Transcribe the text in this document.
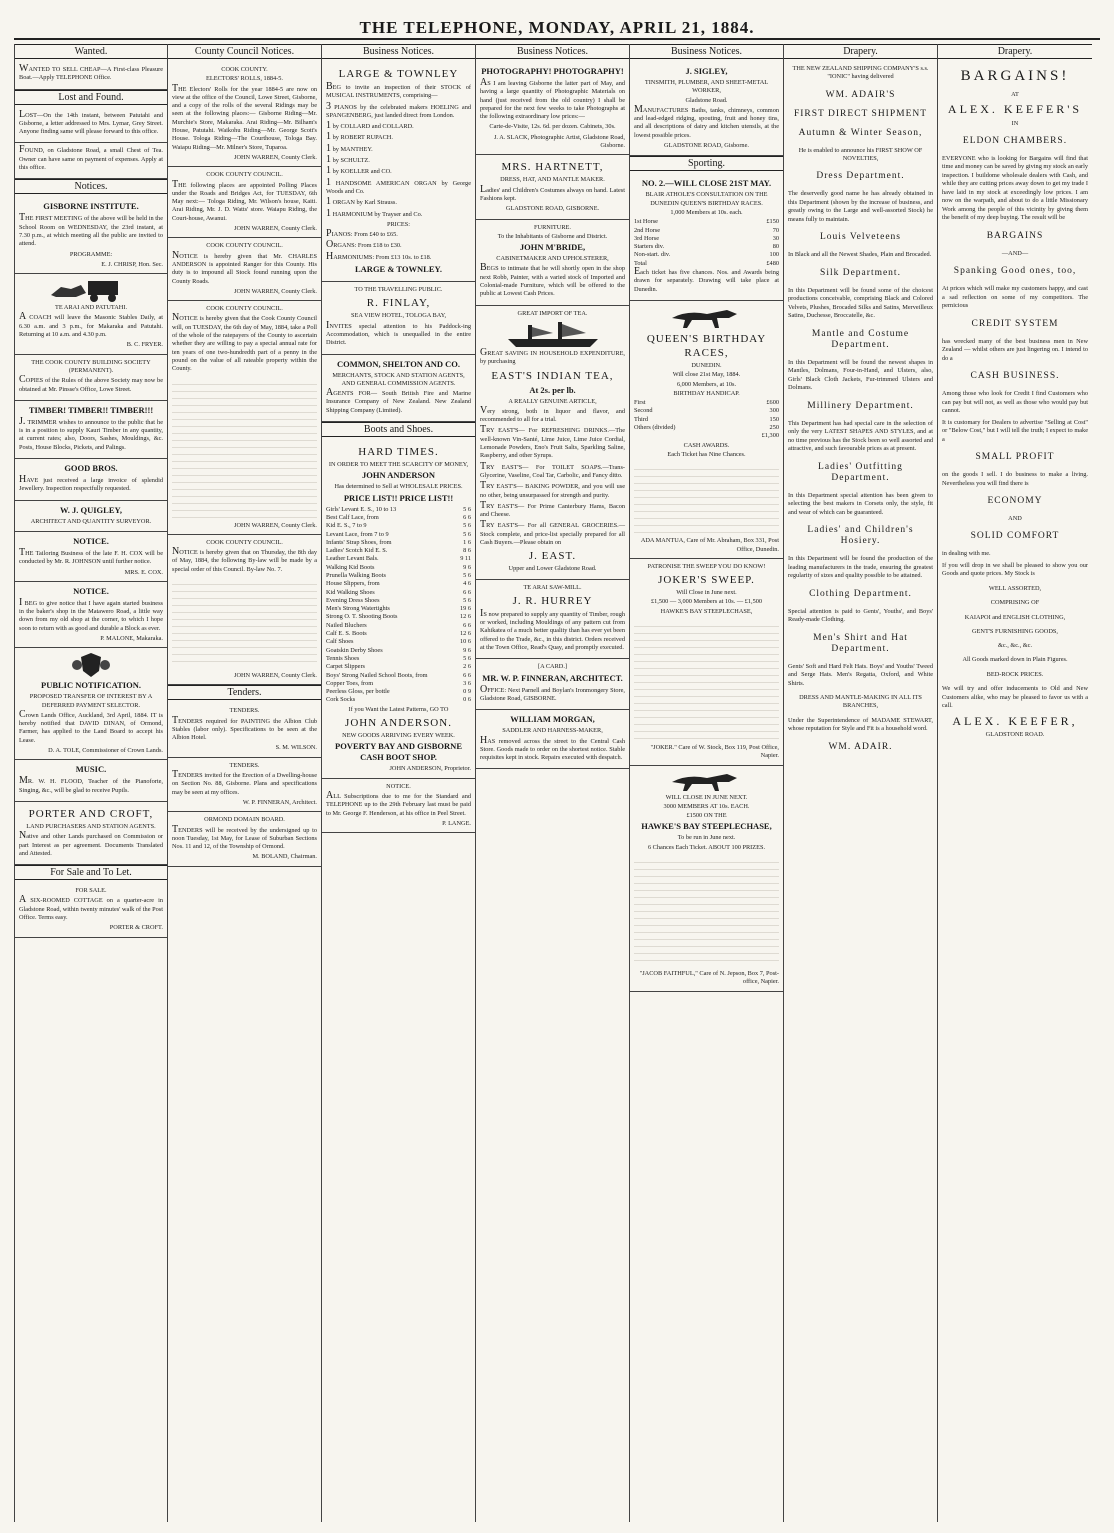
THE TELEPHONE, MONDAY, APRIL 21, 1884.
Wanted.

WANTED TO SELL CHEAP—A First-class Pleasure Boat.—Apply TELEPHONE Office.

Lost and Found.

LOST—On the 14th instant, between Patutahi and Gisborne, a letter addressed to Mrs. Lymar, Grey Street. Anyone finding same will please forward to this office.

FOUND, on Gladstone Road, a small Chest of Tea. Owner can have same on payment of expenses. Apply at this office.

Notices.
GISBORNE INSTITUTE.

THE FIRST MEETING of the above will be held in the School Room on WEDNESDAY, the 23rd instant, at 7.30 p.m., at which meeting all the public are invited to attend.

PROGRAMME:
E. J. CHRISP, Hon. Sec.
TE ARAI AND PATUTAHI.

A COACH will leave the Masonic Stables Daily, at 6.30 a.m. and 3 p.m., for Makaraka and Patutahi. Returning at 10 a.m. and 4.30 p.m.

B. C. FRYER.
THE COOK COUNTY BUILDING SOCIETY (PERMANENT).

COPIES of the Rules of the above Society may now be obtained at Mr. Pinsse's Office, Lowe Street.

TIMBER! TIMBER!! TIMBER!!!

J. TRIMMER wishes to announce to the public that he is in a position to supply Kauri Timber in any quantity, at current rates; also, Doors, Sashes, Mouldings, &c. Posts, House Blocks, Pickets, and Palings.

GOOD BROS.

HAVE just received a large invoice of splendid Jewellery. Inspection respectfully requested.

W. J. QUIGLEY,
ARCHITECT AND QUANTITY SURVEYOR.
NOTICE.

THE Tailoring Business of the late F. H. COX will be conducted by Mr. R. JOHNSON until further notice.

MRS. E. COX.
NOTICE.

I BEG to give notice that I have again started business in the baker's shop in the Matawero Road, a little way down from my old shop at the corner, to which I hope soon to return with as good and durable a Block as ever.

P. MALONE, Makaraka.
PUBLIC NOTIFICATION.
PROPOSED TRANSFER OF INTEREST BY A DEFERRED PAYMENT SELECTOR.

Crown Lands Office, Auckland, 3rd April, 1884. IT is hereby notified that DAVID DINAN, of Ormond, Farmer, has applied to the Land Board to accept his Lease.

D. A. TOLE, Commissioner of Crown Lands.
MUSIC.

MR. W. H. FLOOD, Teacher of the Pianoforte, Singing, &c., will be glad to receive Pupils.

PORTER AND CROFT,
LAND PURCHASERS AND STATION AGENTS.

Native and other Lands purchased on Commission or part Interest as per agreement. Documents Translated and Attested.

For Sale and To Let.
FOR SALE.

A SIX-ROOMED COTTAGE on a quarter-acre in Gladstone Road, within twenty minutes' walk of the Post Office. Terms easy.

PORTER & CROFT.
County Council Notices.
COOK COUNTY.
ELECTORS' ROLLS, 1884-5.

THE Electors' Rolls for the year 1884-5 are now on view at the office of the Council, Lowe Street, Gisborne, and a copy of the rolls of the several Ridings may be seen at the following places:— Gisborne Riding—Mr. Murchie's Store, Makaraka. Arai Riding—Mr. Bilham's House, Patutahi. Waikohu Riding—Mr. George Scott's House. Tologa Riding—The Courthouse, Tologa Bay. Waiapu Riding—Mr. Milner's Store, Tuparoa.

JOHN WARREN, County Clerk.
COOK COUNTY COUNCIL.

THE following places are appointed Polling Places under the Roads and Bridges Act, for TUESDAY, 6th May next:— Tologa Riding, Mr. Wilson's house, Kaiti. Arai Riding, Mr. J. D. Watts' store. Waiapu Riding, the Court-house, Awanui.

JOHN WARREN, County Clerk.
COOK COUNTY COUNCIL.

NOTICE is hereby given that Mr. CHARLES ANDERSON is appointed Ranger for this County. His duty is to impound all Stock found running upon the County Roads.

JOHN WARREN, County Clerk.
COOK COUNTY COUNCIL.

NOTICE is hereby given that the Cook County Council will, on TUESDAY, the 6th day of May, 1884, take a Poll of the whole of the ratepayers of the County to ascertain whether they are willing to pay a special annual rate for ten years of one two-hundredth part of a penny in the pound on the value of all rateable property within the County.

JOHN WARREN, County Clerk.
COOK COUNTY COUNCIL.

NOTICE is hereby given that on Thursday, the 8th day of May, 1884, the following By-law will be made by a special order of this Council. By-law No. 7.

JOHN WARREN, County Clerk.
Tenders.
TENDERS.

TENDERS required for PAINTING the Albion Club Stables (labor only). Specifications to be seen at the Albion Hotel.

S. M. WILSON.
TENDERS.

TENDERS invited for the Erection of a Dwelling-house on Section No. 88, Gisborne. Plans and specifications may be seen at my offices.

W. P. FINNERAN, Architect.
ORMOND DOMAIN BOARD.

TENDERS will be received by the undersigned up to noon Tuesday, 1st May, for Lease of Suburban Sections Nos. 11 and 12, of the Township of Ormond.

M. BOLAND, Chairman.
Business Notices.
LARGE & TOWNLEY

BEG to invite an inspection of their STOCK of MUSICAL INSTRUMENTS, comprising—

3 PIANOS by the celebrated makers HOELING and SPANGENBERG, just landed direct from London.

1 by COLLARD and COLLARD.

1 by ROBERT RUPACH.

1 by MANTHEY.

1 by SCHULTZ.

1 by KOELLER and CO.

1 HANDSOME AMERICAN ORGAN by George Woods and Co.

1 ORGAN by Karl Strauss.

1 HARMONIUM by Trayser and Co.

PRICES:

PIANOS: From £40 to £65.

ORGANS: From £18 to £30.

HARMONIUMS: From £13 10s. to £18.

LARGE & TOWNLEY.
TO THE TRAVELLING PUBLIC.
R. FINLAY,
SEA VIEW HOTEL, TOLOGA BAY,

INVITES special attention to his Paddock-ing Accommodation, which is unequalled in the entire District.

COMMON, SHELTON AND CO.
MERCHANTS, STOCK AND STATION AGENTS, AND GENERAL COMMISSION AGENTS.

AGENTS FOR— South British Fire and Marine Insurance Company of New Zealand. New Zealand Shipping Company (Limited).

Boots and Shoes.
HARD TIMES.
IN ORDER TO MEET THE SCARCITY OF MONEY,
JOHN ANDERSON
Has determined to Sell at WHOLESALE PRICES.
PRICE LIST!! PRICE LIST!!
Girls' Levant E. S., 10 to 13	5 6
Best Calf Lace, from	6 6
Kid E. S., 7 to 9	5 6
Levant Lace, from 7 to 9	5 6
Infants' Strap Shoes, from	1 6
Ladies' Scotch Kid E. S.	8 6
Leather Levant Bals.	9 11
Walking Kid Boots	9 6
Prunella Walking Boots	5 6
House Slippers, from	4 6
Kid Walking Shoes	6 6
Evening Dress Shoes	5 6
Men's Strong Watertights	19 6
Strong O. T. Shooting Boots	12 6
Nailed Bluchers	6 6
Calf E. S. Boots	12 6
Calf Shoes	10 6
Goatskin Derby Shoes	9 6
Tennis Shoes	5 6
Carpet Slippers	2 6
Boys' Strong Nailed School Boots, from	6 6
Copper Toes, from	3 6
Peerless Gloss, per bottle	0 9
Cork Socks	0 6
If you Want the Latest Patterns, GO TO
JOHN ANDERSON.
NEW GOODS ARRIVING EVERY WEEK.
POVERTY BAY AND GISBORNE CASH BOOT SHOP.
JOHN ANDERSON, Proprietor.
NOTICE.

ALL Subscriptions due to me for the Standard and TELEPHONE up to the 29th February last must be paid to Mr. George F. Henderson, at his office in Peel Street.

P. LANGE.
Business Notices.
PHOTOGRAPHY! PHOTOGRAPHY!

AS I am leaving Gisborne the latter part of May, and having a large quantity of Photographic Materials on hand (just received from the old country) I shall be prepared for the next few weeks to take Photographs at the following extraordinary low prices:—

Carte-de-Visite, 12s. 6d. per dozen. Cabinets, 30s.
J. A. SLACK, Photographic Artist, Gladstone Road, Gisborne.
MRS. HARTNETT,
DRESS, HAT, AND MANTLE MAKER.

Ladies' and Children's Costumes always on hand. Latest Fashions kept.

GLADSTONE ROAD, GISBORNE.
FURNITURE.
To the Inhabitants of Gisborne and District.
JOHN M'BRIDE,
CABINETMAKER AND UPHOLSTERER,

BEGS to intimate that he will shortly open in the shop next Robb, Painter, with a varied stock of Imported and Colonial-made Furniture, which will be offered to the public at Lowest Cash Prices.

GREAT IMPORT OF TEA.

GREAT SAVING IN HOUSEHOLD EXPENDITURE, by purchasing

EAST'S INDIAN TEA,
At 2s. per lb.
A REALLY GENUINE ARTICLE,

Very strong, both in liquor and flavor, and recommended to all for a trial.

TRY EAST'S— For REFRESHING DRINKS.—The well-known Vin-Santé, Lime Juice, Lime Juice Cordial, Lemonade Powders, Eno's Fruit Salts, Sparkling Saline, Raspberry, and other Syrups.

TRY EAST'S— For TOILET SOAPS.—Trans-Glycerine, Vaseline, Coal Tar, Carbolic, and Fancy ditto.

TRY EAST'S— BAKING POWDER, and you will use no other, being unsurpassed for strength and purity.

TRY EAST'S— For Prime Canterbury Hams, Bacon and Cheese.

TRY EAST'S— For all GENERAL GROCERIES.—Stock complete, and price-list specially prepared for all Cash Buyers.—Please obtain on

J. EAST.
Upper and Lower Gladstone Road.
TE ARAI SAW-MILL.
J. R. HURREY

IS now prepared to supply any quantity of Timber, rough or worked, including Mouldings of any pattern cut from Kahikatea of a much better quality than has ever yet been offered to the Trade, &c., in this district. Orders received at the Town Office, Read's Quay, and promptly executed.

[A CARD.]
MR. W. P. FINNERAN, ARCHITECT.

OFFICE: Next Parnell and Boylan's Ironmongery Store, Gladstone Road, GISBORNE.

WILLIAM MORGAN,
SADDLER AND HARNESS-MAKER,

HAS removed across the street to the Central Cash Store. Goods made to order on the shortest notice. Stable requisites kept in stock. Repairs executed with despatch.

Business Notices.
J. SIGLEY,
TINSMITH, PLUMBER, AND SHEET-METAL WORKER,
Gladstone Road.

MANUFACTURES Baths, tanks, chimneys, common and lead-edged ridging, spouting, fruit and honey tins, and all descriptions of dairy and kitchen utensils, at the lowest possible prices.

GLADSTONE ROAD, Gisborne.
Sporting.
NO. 2.—WILL CLOSE 21ST MAY.
BLAIR ATHOLE'S CONSULTATION ON THE DUNEDIN QUEEN'S BIRTHDAY RACES.
1,000 Members at 10s. each.
1st Horse	£150
2nd Horse	70
3rd Horse	30
Starters div.	80
Non-start. div.	100
Total	£480

Each ticket has five chances. Nos. and Awards being drawn for separately. Drawing will take place at Dunedin.

QUEEN'S BIRTHDAY RACES,
DUNEDIN.
Will close 21st May, 1884.
6,000 Members, at 10s.
BIRTHDAY HANDICAP.
First	£600
Second	300
Third	150
Others (divided)	250
£1,300
CASH AWARDS.
Each Ticket has Nine Chances.
ADA MANTUA, Care of Mr. Abraham, Box 331, Post Office, Dunedin.
PATRONISE THE SWEEP YOU DO KNOW!
JOKER'S SWEEP.
Will Close in June next.
£1,500 — 3,000 Members at 10s. — £1,500
HAWKE'S BAY STEEPLECHASE,
"JOKER." Care of W. Stock, Box 119, Post Office, Napier.
WILL CLOSE IN JUNE NEXT.
3000 MEMBERS AT 10s. EACH.
£1500 ON THE
HAWKE'S BAY STEEPLECHASE,
To be run in June next.
6 Chances Each Ticket. ABOUT 100 PRIZES.
"JACOB FAITHFUL," Care of N. Jepson, Box 7, Post-office, Napier.
Drapery.
THE NEW ZEALAND SHIPPING COMPANY'S s.s. "IONIC" having delivered
WM. ADAIR'S
FIRST DIRECT SHIPMENT
Autumn & Winter Season,
He is enabled to announce his FIRST SHOW OF NOVELTIES,
Dress Department.

The deservedly good name he has already obtained in this Department (shown by the increase of business, and greatly owing to the Large and well-assorted Stock) he means fully to maintain.

Louis Velveteens

In Black and all the Newest Shades, Plain and Brocaded.

Silk Department.

In this Department will be found some of the choicest productions conceivable, comprising Black and Colored Velvets, Plushes, Brocaded Silks and Satins, Merveilleux Satins, Duchesse, Broccatelle, &c.

Mantle and Costume Department.

In this Department will be found the newest shapes in Mantles, Dolmans, Four-in-Hand, and Ulsters, also, Girls' Black Cloth Jackets, Fur-trimmed Ulsters and Dolmans.

Millinery Department.

This Department has had special care in the selection of only the very LATEST SHAPES AND STYLES, and at no time previous has the Stock been so well assorted and attractive, and such favourable prices as at present.

Ladies' Outfitting Department.

In this Department special attention has been given to selecting the best makers in Corsets only, the style, fit and wear of which can be guaranteed.

Ladies' and Children's Hosiery.

In this Department will be found the production of the leading manufacturers in the trade, ensuring the greatest regularity of sizes and quality possible to be attained.

Clothing Department.

Special attention is paid to Gents', Youths', and Boys' Ready-made Clothing.

Men's Shirt and Hat Department.

Gents' Soft and Hard Felt Hats. Boys' and Youths' Tweed and Serge Hats. Men's Regatta, Oxford, and White Shirts.

DRESS AND MANTLE-MAKING IN ALL ITS BRANCHES,

Under the Superintendence of MADAME STEWART, whose reputation for Style and Fit is a household word.

WM. ADAIR.
Drapery.
BARGAINS!
AT
ALEX. KEEFER'S
IN
ELDON CHAMBERS.

EVERYONE who is looking for Bargains will find that time and money can be saved by giving my stock an early inspection. I buildome wholesale dealers with Cash, and while they are cutting prices away down to get my trade I have laid in my stock at exceedingly low prices. I am now on the warpath, and about to do a little Missionary Work among the people of this vicinity by giving them the benefit of my deep buying. The result will be

BARGAINS
—AND—
Spanking Good ones, too,

At prices which will make my customers happy, and cast a sad reflection on some of my competitors. The pernicious

CREDIT SYSTEM

has wrecked many of the best business men in New Zealand — whilst others are just lingering on. I intend to do a

CASH BUSINESS.

Among those who look for Credit I find Customers who can pay but will not, as well as those who would pay but cannot.

It is customary for Dealers to advertise "Selling at Cost" or "Below Cost," but I will tell the truth; I expect to make a

SMALL PROFIT

on the goods I sell. I do business to make a living. Nevertheless you will find there is

ECONOMY
AND
SOLID COMFORT

in dealing with me.

If you will drop in we shall be pleased to show you our Goods and quote prices. My Stock is

WELL ASSORTED,
COMPRISING OF
KAIAPOI and ENGLISH CLOTHING,
GENT'S FURNISHING GOODS,
&c., &c., &c.
All Goods marked down in Plain Figures.
BED-ROCK PRICES.

We will try and offer inducements to Old and New Customers alike, who may be pleased to favor us with a call.

ALEX. KEEFER,
GLADSTONE ROAD.
